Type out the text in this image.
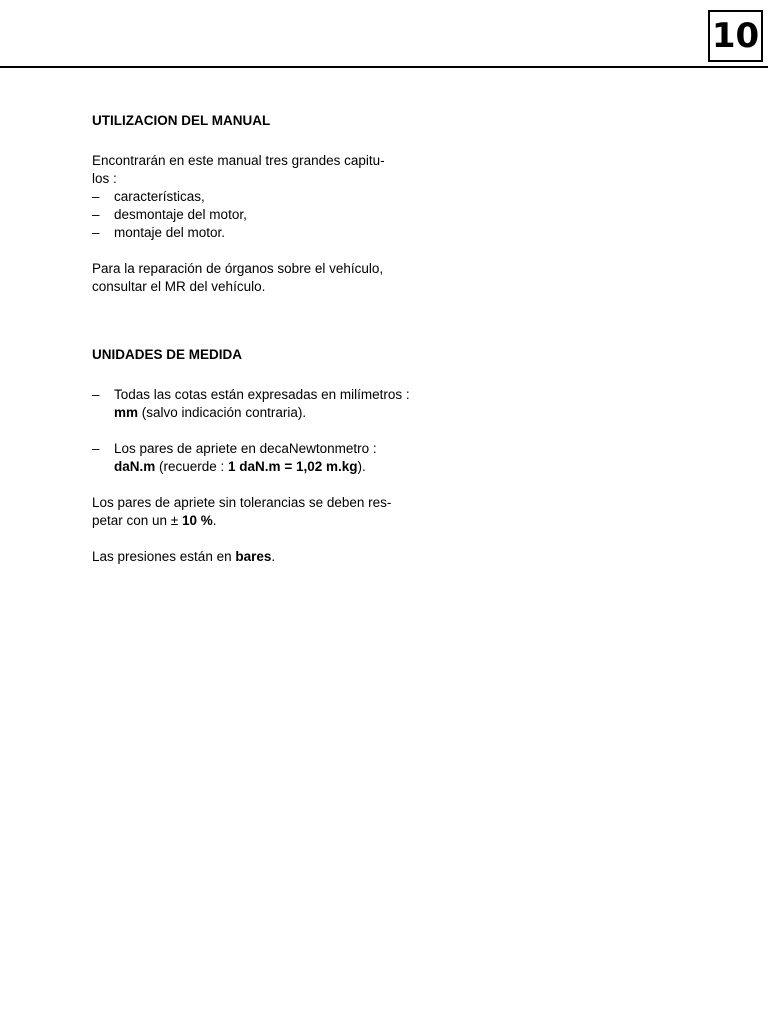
10

UTILIZACION DEL MANUAL

Encontrarán en este manual tres grandes capitu-

los :

– características,
– desmontaje del motor,
– montaje del motor.

Para la reparación de órganos sobre el vehículo,

consultar el MR del vehículo.

UNIDADES DE MEDIDA

– Todas las cotas están expresadas en milímetros :
mm (salvo indicación contraria).
– Los pares de apriete en decaNewtonmetro :
daN.m (recuerde : 1 daN.m = 1,02 m.kg).

Los pares de apriete sin tolerancias se deben res-

petar con un ± 10 %.

Las presiones están en bares.
